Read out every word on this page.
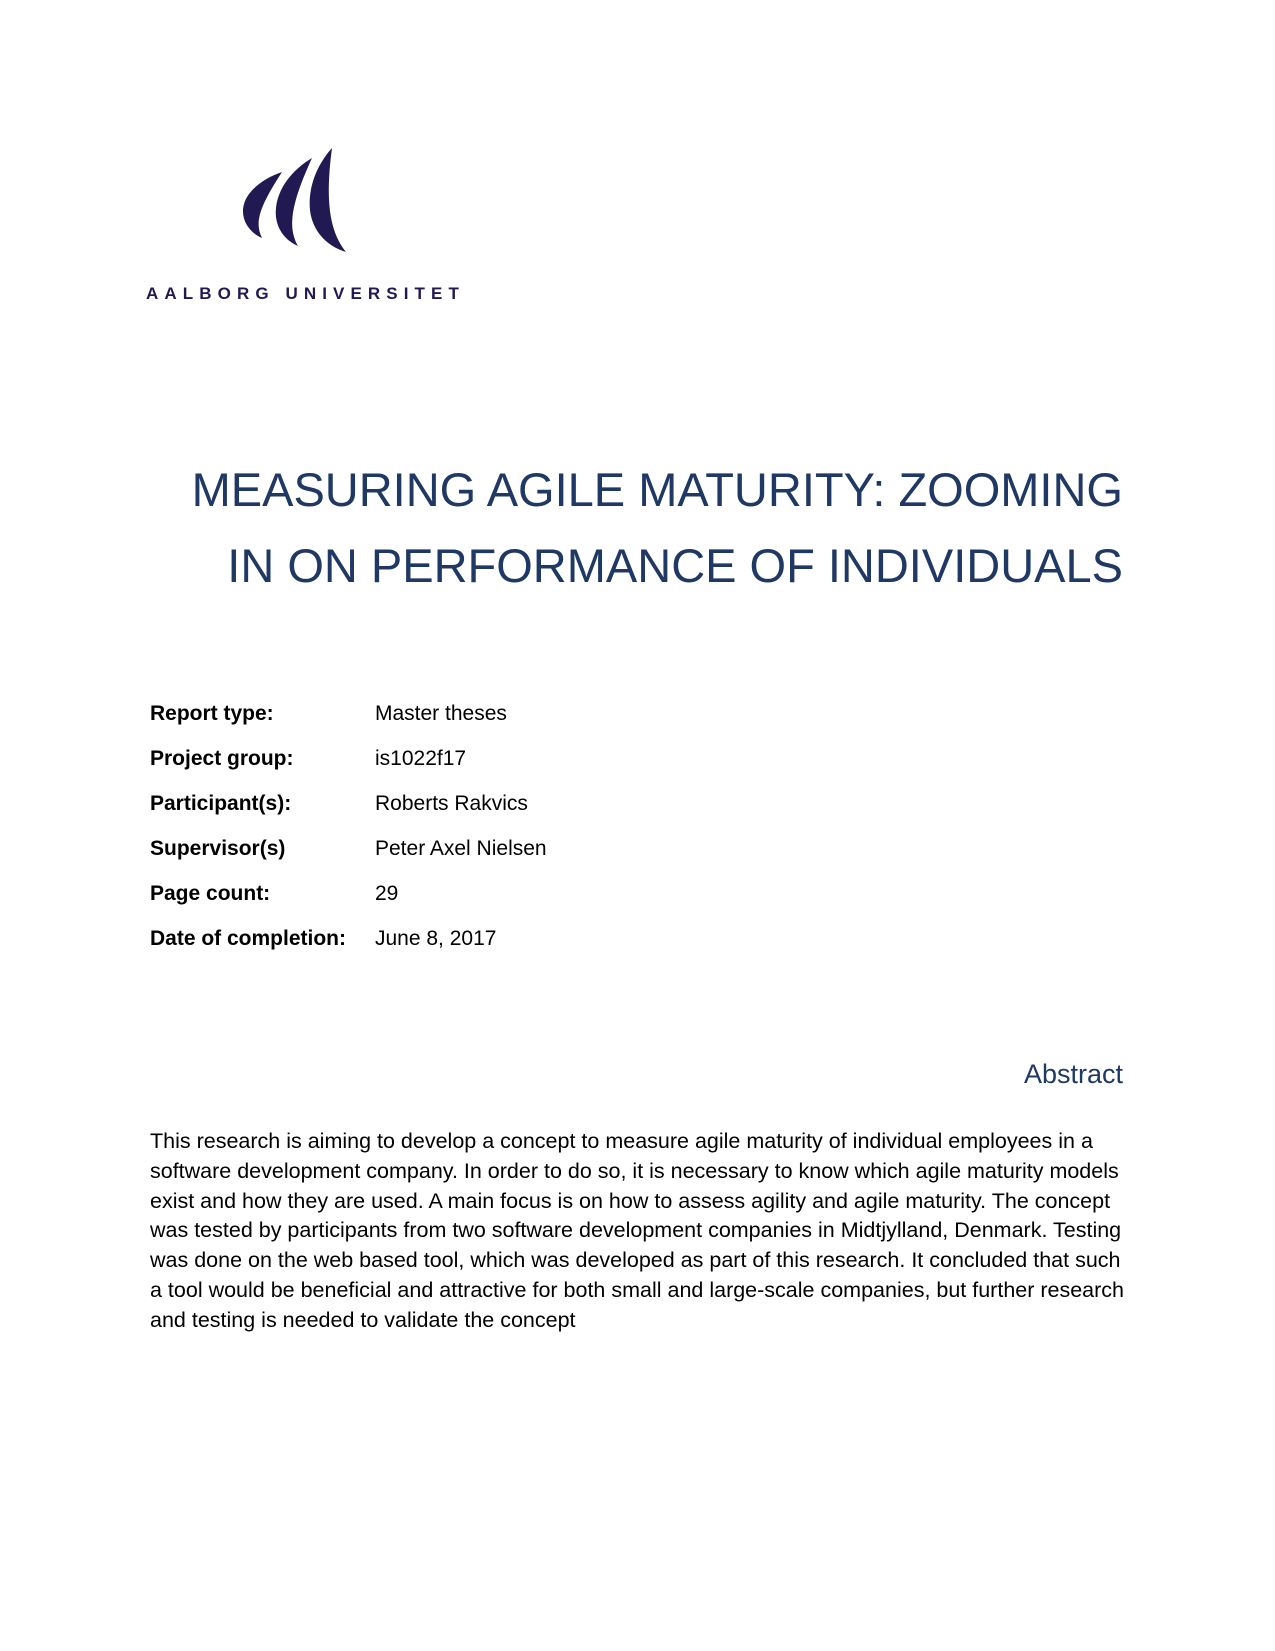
AALBORG UNIVERSITET
MEASURING AGILE MATURITY: ZOOMING
IN ON PERFORMANCE OF INDIVIDUALS
Report type:	Master theses
Project group:	is1022f17
Participant(s):	Roberts Rakvics
Supervisor(s)	Peter Axel Nielsen
Page count:	29
Date of completion:	June 8, 2017
Abstract

This research is aiming to develop a concept to measure agile maturity of individual employees in a software development company. In order to do so, it is necessary to know which agile maturity models exist and how they are used. A main focus is on how to assess agility and agile maturity. The concept was tested by participants from two software development companies in Midtjylland, Denmark. Testing was done on the web based tool, which was developed as part of this research. It concluded that such a tool would be beneficial and attractive for both small and large-scale companies, but further research and testing is needed to validate the concept
